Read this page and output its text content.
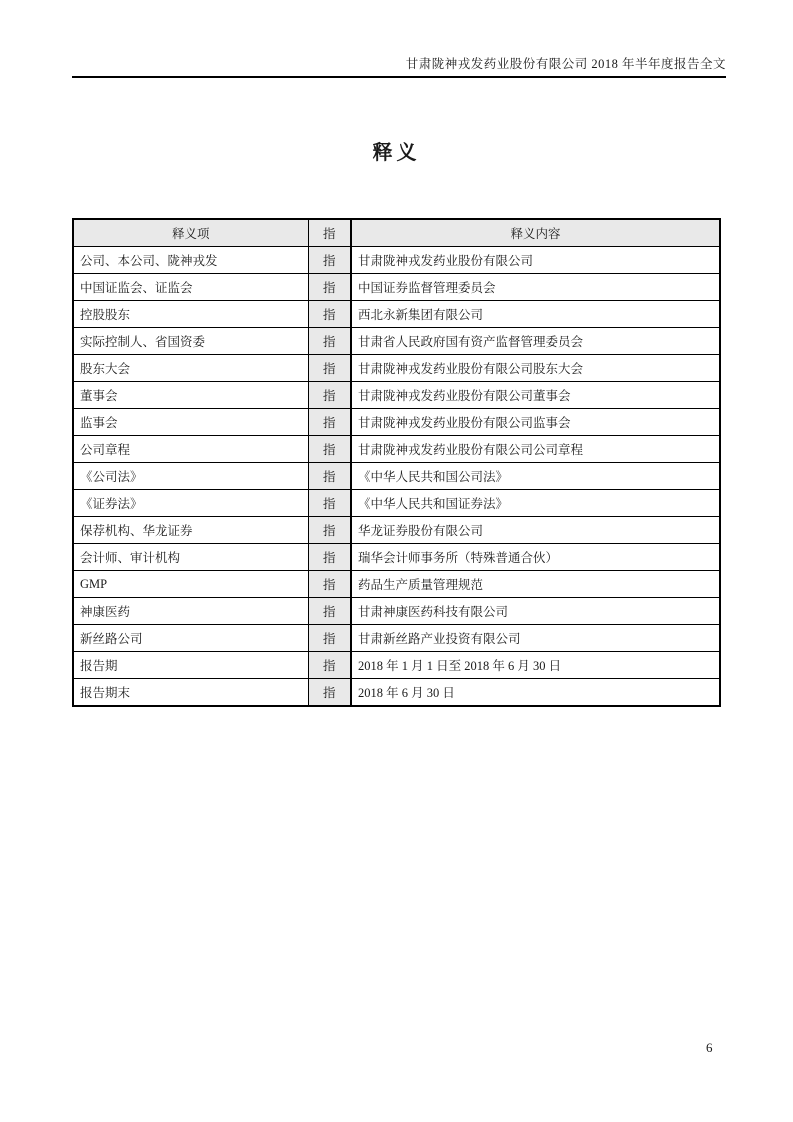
甘肃陇神戎发药业股份有限公司 2018 年半年度报告全文
释义
释义项	指	释义内容
公司、本公司、陇神戎发	指	甘肃陇神戎发药业股份有限公司
中国证监会、证监会	指	中国证券监督管理委员会
控股股东	指	西北永新集团有限公司
实际控制人、省国资委	指	甘肃省人民政府国有资产监督管理委员会
股东大会	指	甘肃陇神戎发药业股份有限公司股东大会
董事会	指	甘肃陇神戎发药业股份有限公司董事会
监事会	指	甘肃陇神戎发药业股份有限公司监事会
公司章程	指	甘肃陇神戎发药业股份有限公司公司章程
《公司法》	指	《中华人民共和国公司法》
《证券法》	指	《中华人民共和国证券法》
保荐机构、华龙证券	指	华龙证券股份有限公司
会计师、审计机构	指	瑞华会计师事务所（特殊普通合伙）
GMP	指	药品生产质量管理规范
神康医药	指	甘肃神康医药科技有限公司
新丝路公司	指	甘肃新丝路产业投资有限公司
报告期	指	2018 年 1 月 1 日至 2018 年 6 月 30 日
报告期末	指	2018 年 6 月 30 日
6
